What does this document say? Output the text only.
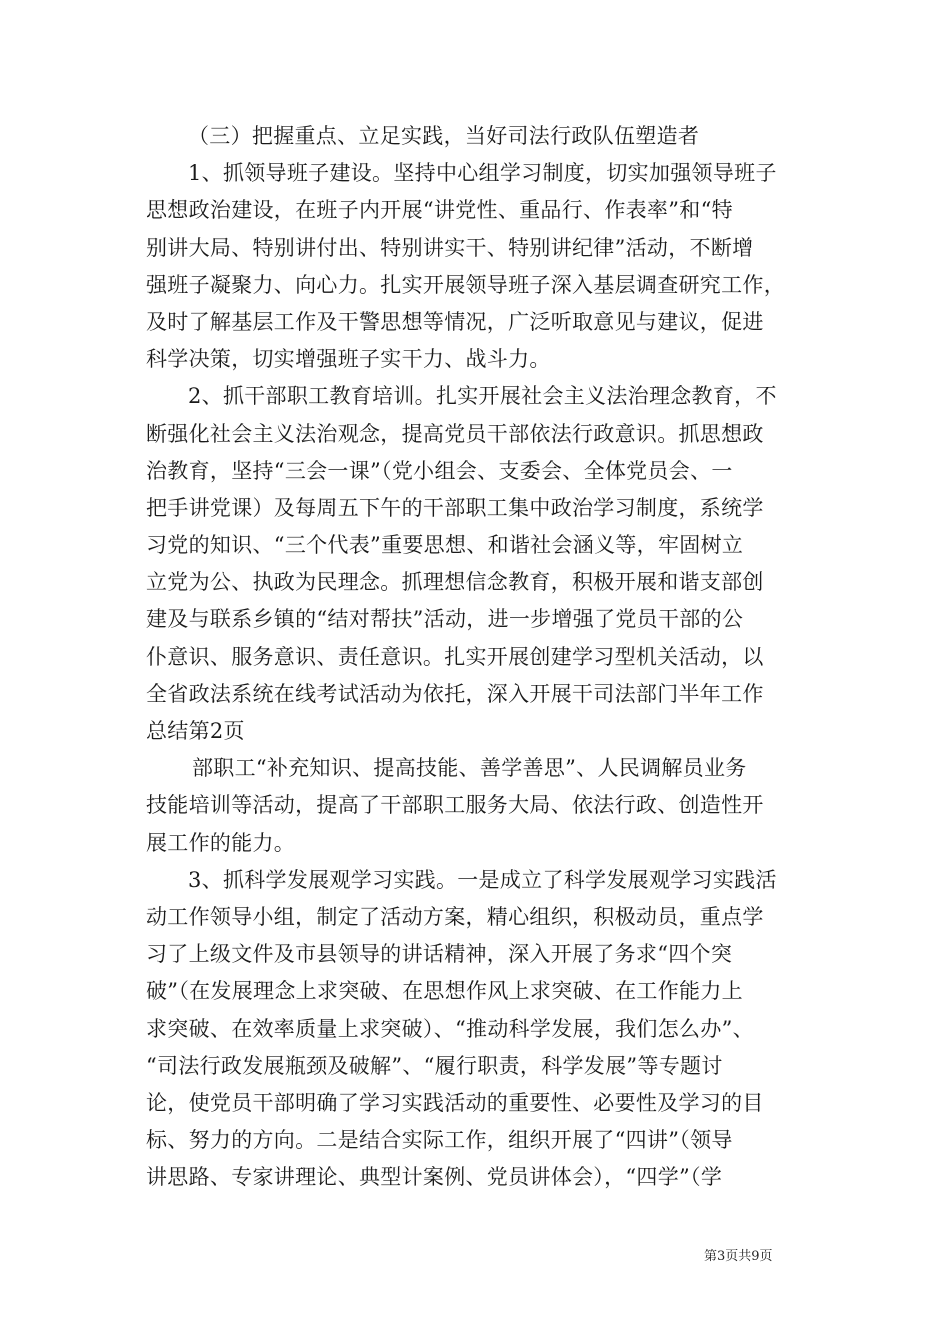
（三）把握重点、立足实践，当好司法行政队伍塑造者
1、抓领导班子建设。坚持中心组学习制度，切实加强领导班子
思想政治建设，在班子内开展“讲党性、重品行、作表率”和“特
别讲大局、特别讲付出、特别讲实干、特别讲纪律”活动，不断增
强班子凝聚力、向心力。扎实开展领导班子深入基层调查研究工作，
及时了解基层工作及干警思想等情况，广泛听取意见与建议，促进
科学决策，切实增强班子实干力、战斗力。
2、抓干部职工教育培训。扎实开展社会主义法治理念教育，不
断强化社会主义法治观念，提高党员干部依法行政意识。抓思想政
治教育，坚持“三会一课”（党小组会、支委会、全体党员会、一
把手讲党课）及每周五下午的干部职工集中政治学习制度，系统学
习党的知识、“三个代表”重要思想、和谐社会涵义等，牢固树立
立党为公、执政为民理念。抓理想信念教育，积极开展和谐支部创
建及与联系乡镇的“结对帮扶”活动，进一步增强了党员干部的公
仆意识、服务意识、责任意识。扎实开展创建学习型机关活动，以
全省政法系统在线考试活动为依托，深入开展干司法部门半年工作
总结第2页
部职工“补充知识、提高技能、善学善思”、人民调解员业务
技能培训等活动，提高了干部职工服务大局、依法行政、创造性开
展工作的能力。
3、抓科学发展观学习实践。一是成立了科学发展观学习实践活
动工作领导小组，制定了活动方案，精心组织，积极动员，重点学
习了上级文件及市县领导的讲话精神，深入开展了务求“四个突
破”（在发展理念上求突破、在思想作风上求突破、在工作能力上
求突破、在效率质量上求突破）、“推动科学发展，我们怎么办”、
“司法行政发展瓶颈及破解”、“履行职责，科学发展”等专题讨
论，使党员干部明确了学习实践活动的重要性、必要性及学习的目
标、努力的方向。二是结合实际工作，组织开展了“四讲”（领导
讲思路、专家讲理论、典型计案例、党员讲体会），“四学”（学
第3页共9页
